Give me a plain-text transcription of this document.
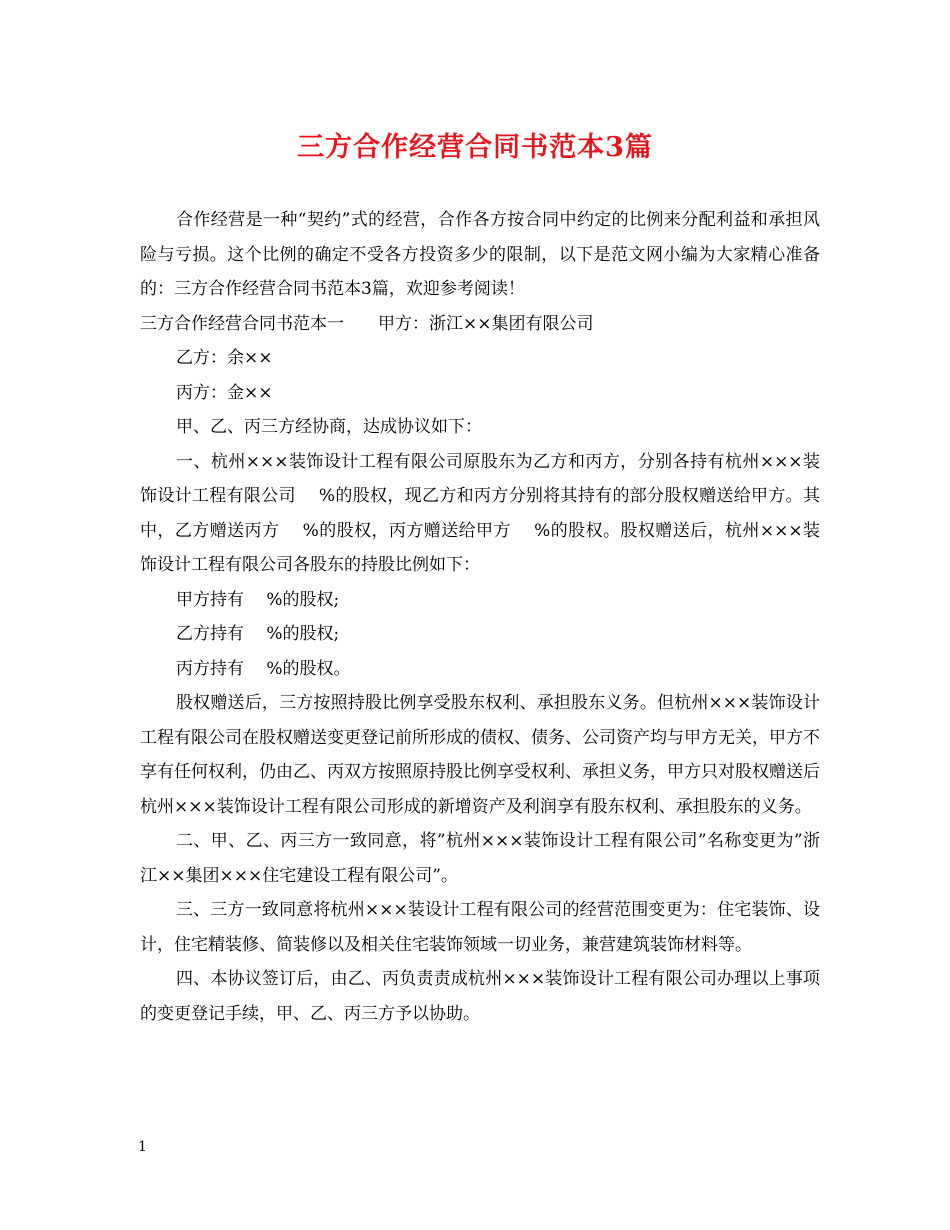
三方合作经营合同书范本3篇

合作经营是一种“契约”式的经营，合作各方按合同中约定的比例来分配利益和承担风险与亏损。这个比例的确定不受各方投资多少的限制，以下是范文网小编为大家精心准备的：三方合作经营合同书范本3篇，欢迎参考阅读！

三方合作经营合同书范本一　　甲方：浙江××集团有限公司

乙方：余××

丙方：金××

甲、乙、丙三方经协商，达成协议如下：

一、杭州×××装饰设计工程有限公司原股东为乙方和丙方，分别各持有杭州×××装饰设计工程有限公司　 %的股权，现乙方和丙方分别将其持有的部分股权赠送给甲方。其中，乙方赠送丙方　 %的股权，丙方赠送给甲方　 %的股权。股权赠送后，杭州×××装饰设计工程有限公司各股东的持股比例如下：

甲方持有　 %的股权;

乙方持有　 %的股权;

丙方持有　 %的股权。

股权赠送后，三方按照持股比例享受股东权利、承担股东义务。但杭州×××装饰设计工程有限公司在股权赠送变更登记前所形成的债权、债务、公司资产均与甲方无关，甲方不享有任何权利，仍由乙、丙双方按照原持股比例享受权利、承担义务，甲方只对股权赠送后杭州×××装饰设计工程有限公司形成的新增资产及利润享有股东权利、承担股东的义务。

二、甲、乙、丙三方一致同意，将”杭州×××装饰设计工程有限公司”名称变更为”浙江××集团×××住宅建设工程有限公司”。

三、三方一致同意将杭州×××装设计工程有限公司的经营范围变更为：住宅装饰、设计，住宅精装修、简装修以及相关住宅装饰领域一切业务，兼营建筑装饰材料等。

四、本协议签订后，由乙、丙负责责成杭州×××装饰设计工程有限公司办理以上事项的变更登记手续，甲、乙、丙三方予以协助。

1
